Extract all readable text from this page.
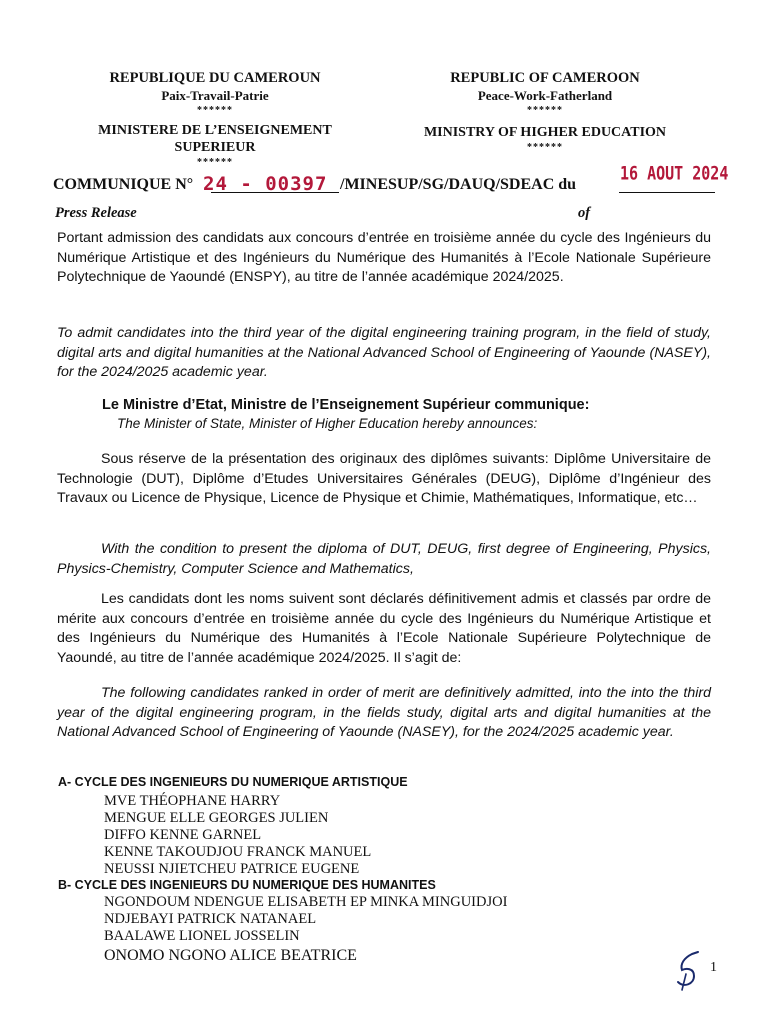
REPUBLIQUE DU CAMEROUN
Paix-Travail-Patrie
******
MINISTERE DE L’ENSEIGNEMENT
SUPERIEUR
******
REPUBLIC OF CAMEROON
Peace-Work-Fatherland
******
MINISTRY OF HIGHER EDUCATION
******
COMMUNIQUE N° 24 - 00397 /MINESUP/SG/DAUQ/SDEAC du	16 AOUT 2024
Press Release	of

Portant admission des candidats aux concours d’entrée en troisième année du cycle des Ingénieurs du Numérique Artistique et des Ingénieurs du Numérique des Humanités à l’Ecole Nationale Supérieure Polytechnique de Yaoundé (ENSPY), au titre de l’année académique 2024/2025.

To admit candidates into the third year of the digital engineering training program, in the field of study, digital arts and digital humanities at the National Advanced School of Engineering of Yaounde (NASEY), for the 2024/2025 academic year.

Le Ministre d’Etat, Ministre de l’Enseignement Supérieur communique:
The Minister of State, Minister of Higher Education hereby announces:

Sous réserve de la présentation des originaux des diplômes suivants: Diplôme Universitaire de Technologie (DUT), Diplôme d’Etudes Universitaires Générales (DEUG), Diplôme d’Ingénieur des Travaux ou Licence de Physique, Licence de Physique et Chimie, Mathématiques, Informatique, etc…

With the condition to present the diploma of DUT, DEUG, first degree of Engineering, Physics, Physics-Chemistry, Computer Science and Mathematics,

Les candidats dont les noms suivent sont déclarés définitivement admis et classés par ordre de mérite aux concours d’entrée en troisième année du cycle des Ingénieurs du Numérique Artistique et des Ingénieurs du Numérique des Humanités à l’Ecole Nationale Supérieure Polytechnique de Yaoundé, au titre de l’année académique 2024/2025. Il s’agit de:

The following candidates ranked in order of merit are definitively admitted, into the into the third year of the digital engineering program, in the fields study, digital arts and digital humanities at the National Advanced School of Engineering of Yaounde (NASEY), for the 2024/2025 academic year.

A- CYCLE DES INGENIEURS DU NUMERIQUE ARTISTIQUE
MVE THÉOPHANE HARRY
MENGUE ELLE GEORGES JULIEN
DIFFO KENNE GARNEL
KENNE TAKOUDJOU FRANCK MANUEL
NEUSSI NJIETCHEU PATRICE EUGENE
B- CYCLE DES INGENIEURS DU NUMERIQUE DES HUMANITES
NGONDOUM NDENGUE ELISABETH EP MINKA MINGUIDJOI
NDJEBAYI PATRICK NATANAEL
BAALAWE LIONEL JOSSELIN
ONOMO NGONO ALICE BEATRICE
1
